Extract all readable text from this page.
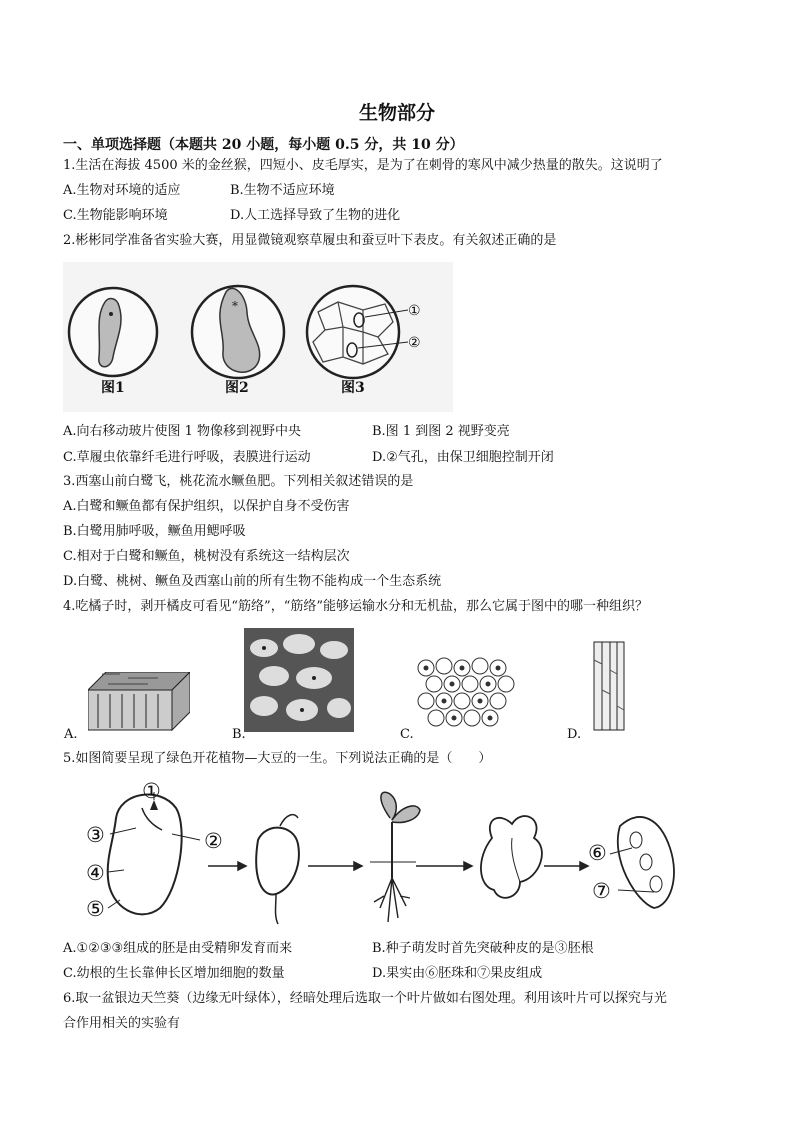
生物部分
一、单项选择题（本题共 20 小题，每小题 0.5 分，共 10 分）
1.生活在海拔 4500 米的金丝猴，四短小、皮毛厚实，是为了在刺骨的寒风中减少热量的散失。这说明了
A.生物对环境的适应	B.生物不适应环境
C.生物能影响环境	D.人工选择导致了生物的进化
2.彬彬同学准备省实验大赛，用显微镜观察草履虫和蚕豆叶下表皮。有关叙述正确的是
*	①
②
图1	图2	图3
A.向右移动玻片使图 1 物像移到视野中央	B.图 1 到图 2 视野变亮
C.草履虫依靠纤毛进行呼吸，表膜进行运动	D.②气孔，由保卫细胞控制开闭
3.西塞山前白鹭飞，桃花流水鳜鱼肥。下列相关叙述错误的是
A.白鹭和鳜鱼都有保护组织，以保护自身不受伤害
B.白鹭用肺呼吸，鳜鱼用鳃呼吸
C.相对于白鹭和鳜鱼，桃树没有系统这一结构层次
D.白鹭、桃树、鳜鱼及西塞山前的所有生物不能构成一个生态系统
4.吃橘子时，剥开橘皮可看见“筋络”，“筋络”能够运输水分和无机盐，那么它属于图中的哪一种组织？
A.	B.	C.	D.
5.如图简要呈现了绿色开花植物—大豆的一生。下列说法正确的是（　　）
①
②
③
④
⑤
⑥
⑦
A.①②③③组成的胚是由受精卵发育而来	B.种子萌发时首先突破种皮的是③胚根
C.幼根的生长靠伸长区增加细胞的数量	D.果实由⑥胚珠和⑦果皮组成
6.取一盆银边天竺葵（边缘无叶绿体），经暗处理后选取一个叶片做如右图处理。利用该叶片可以探究与光
合作用相关的实验有
